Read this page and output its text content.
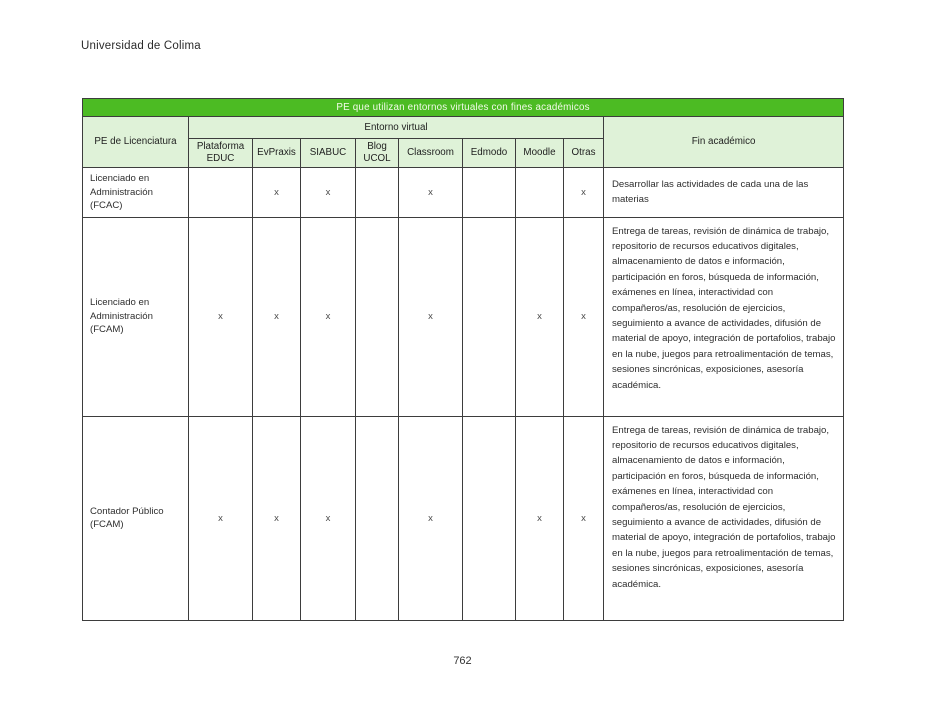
Universidad de Colima
PE que utilizan entornos virtuales con fines académicos									
PE de Licenciatura	Entorno virtual								Fin académico
	Plataforma EDUC	EvPraxis	SIABUC	Blog UCOL	Classroom	Edmodo	Moodle	Otras	
Licenciado en Administración (FCAC)		x	x		x			x	Desarrollar las actividades de cada una de las materias
Licenciado en Administración (FCAM)	x	x	x		x		x	x	Entrega de tareas, revisión de dinámica de trabajo, repositorio de recursos educativos digitales, almacenamiento de datos e información, participación en foros, búsqueda de información, exámenes en línea, interactividad con compañeros/as, resolución de ejercicios, seguimiento a avance de actividades, difusión de material de apoyo, integración de portafolios, trabajo en la nube, juegos para retroalimentación de temas, sesiones sincrónicas, exposiciones, asesoría académica.
Contador Público (FCAM)	x	x	x		x		x	x	Entrega de tareas, revisión de dinámica de trabajo, repositorio de recursos educativos digitales, almacenamiento de datos e información, participación en foros, búsqueda de información, exámenes en línea, interactividad con compañeros/as, resolución de ejercicios, seguimiento a avance de actividades, difusión de material de apoyo, integración de portafolios, trabajo en la nube, juegos para retroalimentación de temas, sesiones sincrónicas, exposiciones, asesoría académica.
762
